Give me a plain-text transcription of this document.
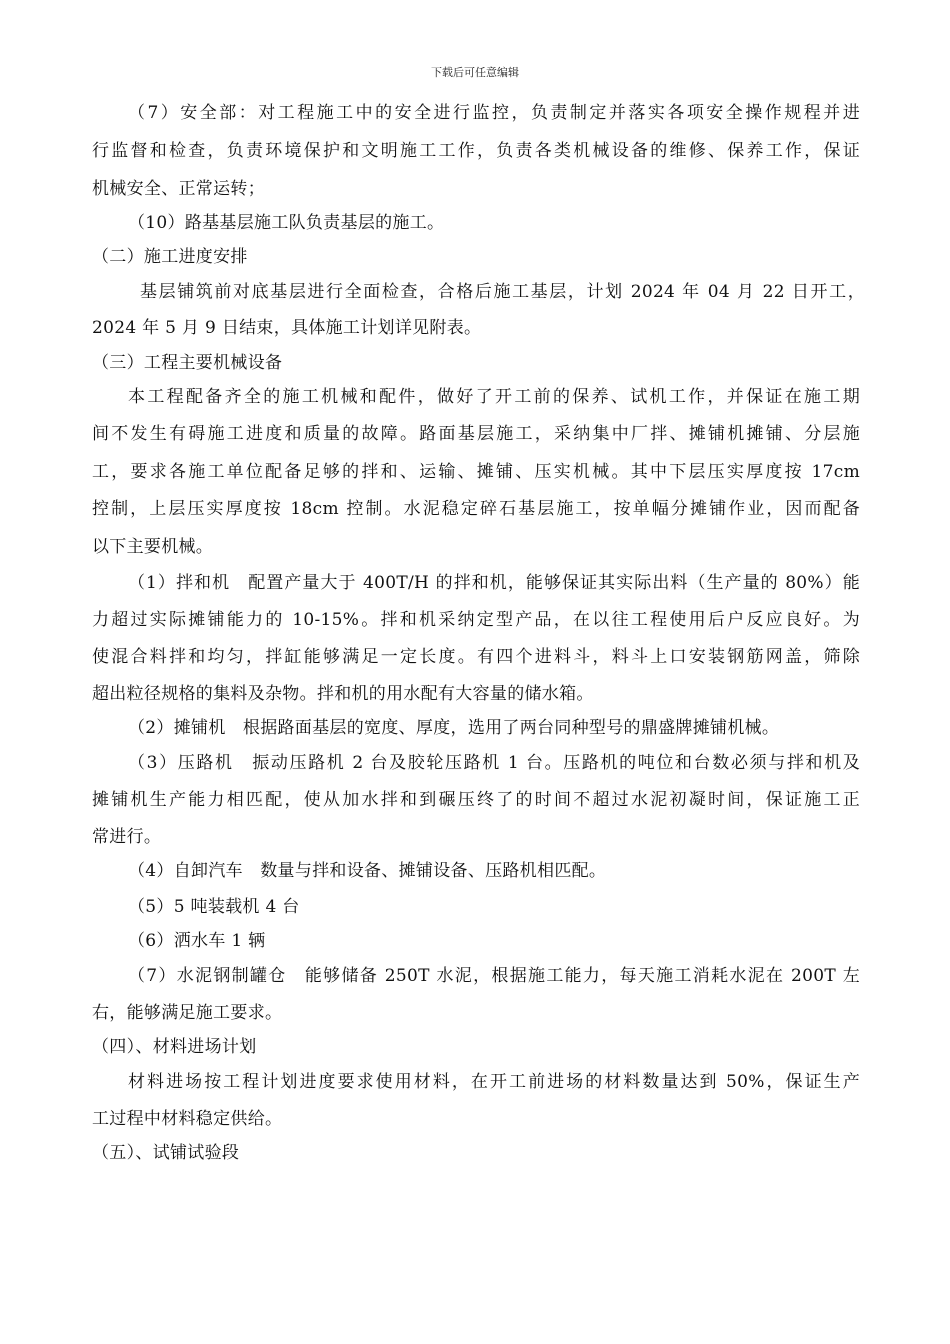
下载后可任意编辑
（7）安全部：对工程施工中的安全进行监控，负责制定并落实各项安全操作规程并进
行监督和检查，负责环境保护和文明施工工作，负责各类机械设备的维修、保养工作，保证
机械安全、正常运转；
（10）路基基层施工队负责基层的施工。
（二）施工进度安排
基层铺筑前对底基层进行全面检查，合格后施工基层，计划 2024 年 04 月 22 日开工，
2024 年 5 月 9 日结束，具体施工计划详见附表。
（三）工程主要机械设备
本工程配备齐全的施工机械和配件，做好了开工前的保养、试机工作，并保证在施工期
间不发生有碍施工进度和质量的故障。路面基层施工，采纳集中厂拌、摊铺机摊铺、分层施
工，要求各施工单位配备足够的拌和、运输、摊铺、压实机械。其中下层压实厚度按 17cm
控制，上层压实厚度按 18cm 控制。水泥稳定碎石基层施工，按单幅分摊铺作业，因而配备
以下主要机械。
（1）拌和机　配置产量大于 400T/H 的拌和机，能够保证其实际出料（生产量的 80%）能
力超过实际摊铺能力的 10-15%。拌和机采纳定型产品，在以往工程使用后户反应良好。为
使混合料拌和均匀，拌缸能够满足一定长度。有四个进料斗，料斗上口安装钢筋网盖，筛除
超出粒径规格的集料及杂物。拌和机的用水配有大容量的储水箱。
（2）摊铺机　根据路面基层的宽度、厚度，选用了两台同种型号的鼎盛牌摊铺机械。
（3）压路机　振动压路机 2 台及胶轮压路机 1 台。压路机的吨位和台数必须与拌和机及
摊铺机生产能力相匹配，使从加水拌和到碾压终了的时间不超过水泥初凝时间，保证施工正
常进行。
（4）自卸汽车　数量与拌和设备、摊铺设备、压路机相匹配。
（5）5 吨装载机 4 台
（6）洒水车 1 辆
（7）水泥钢制罐仓　能够储备 250T 水泥，根据施工能力，每天施工消耗水泥在 200T 左
右，能够满足施工要求。
（四）、材料进场计划
材料进场按工程计划进度要求使用材料，在开工前进场的材料数量达到 50%，保证生产
工过程中材料稳定供给。
（五）、试铺试验段
